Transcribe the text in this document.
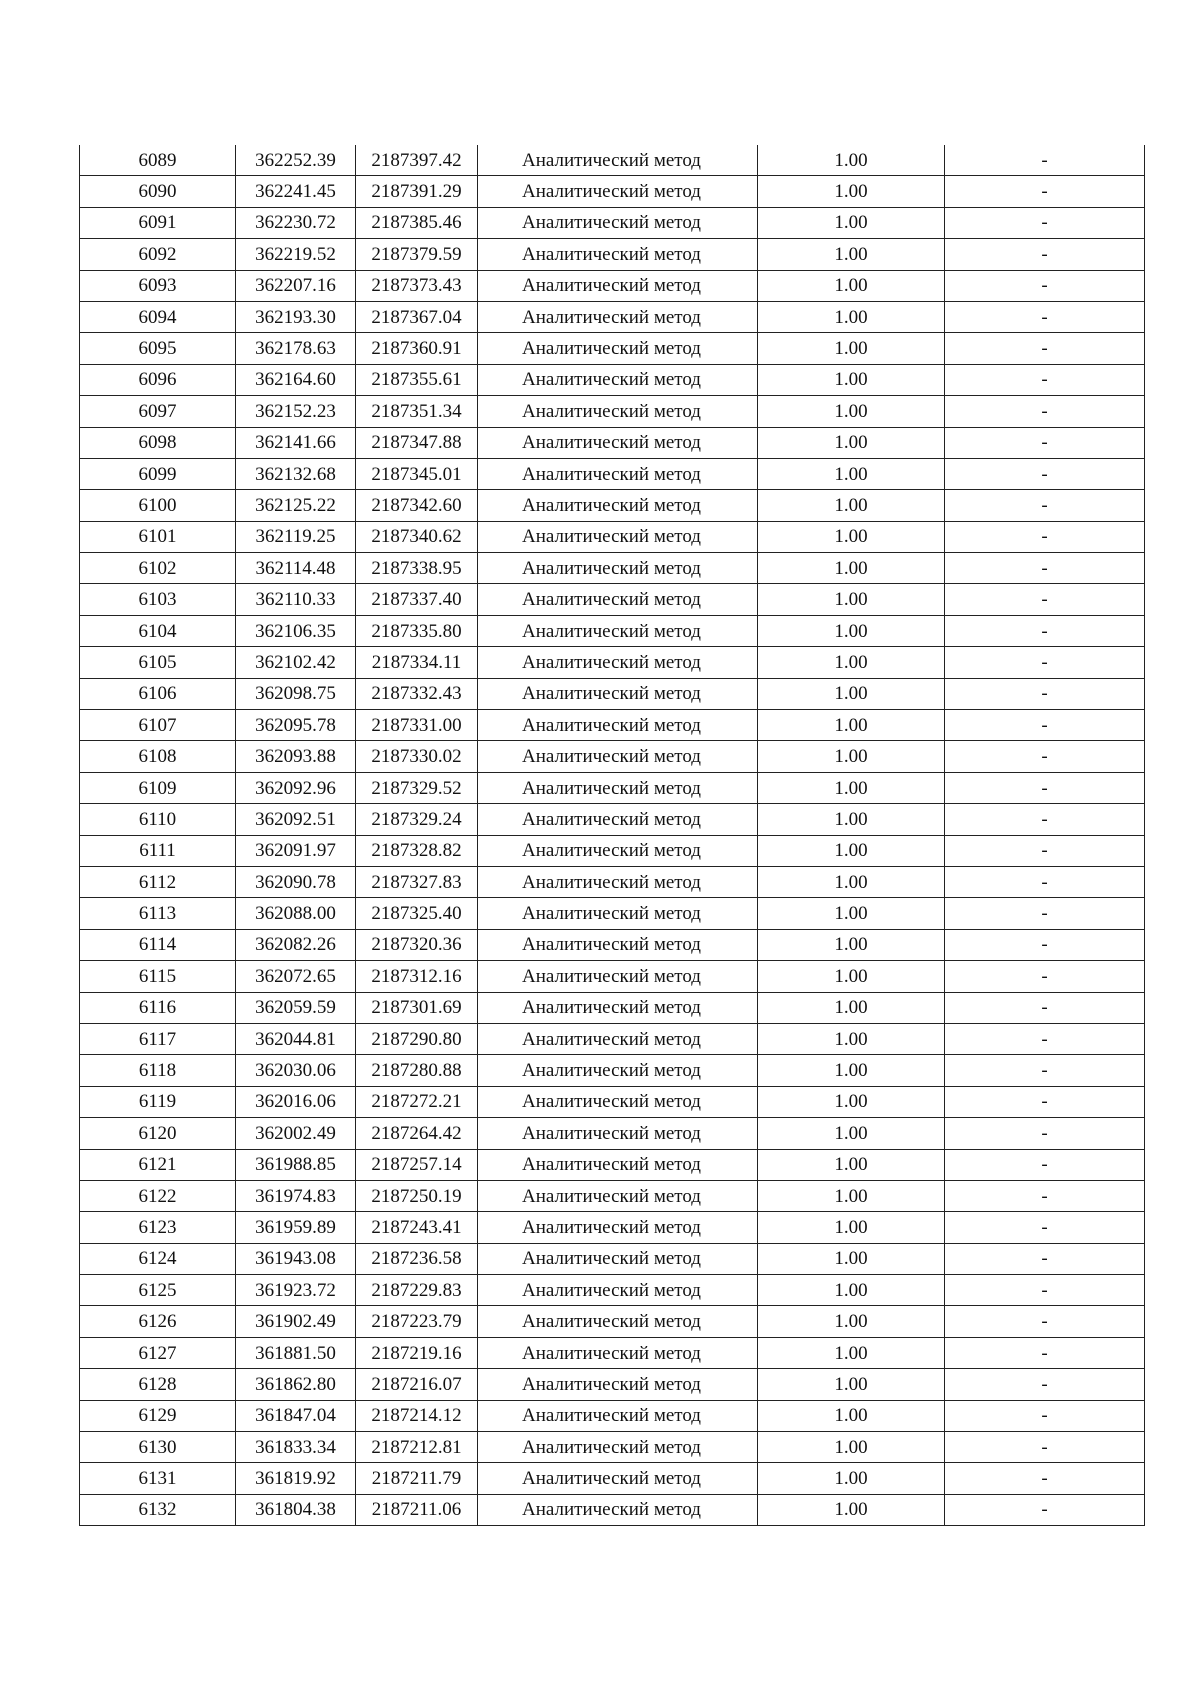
6089	362252.39	2187397.42	Аналитический метод	1.00	-
6090	362241.45	2187391.29	Аналитический метод	1.00	-
6091	362230.72	2187385.46	Аналитический метод	1.00	-
6092	362219.52	2187379.59	Аналитический метод	1.00	-
6093	362207.16	2187373.43	Аналитический метод	1.00	-
6094	362193.30	2187367.04	Аналитический метод	1.00	-
6095	362178.63	2187360.91	Аналитический метод	1.00	-
6096	362164.60	2187355.61	Аналитический метод	1.00	-
6097	362152.23	2187351.34	Аналитический метод	1.00	-
6098	362141.66	2187347.88	Аналитический метод	1.00	-
6099	362132.68	2187345.01	Аналитический метод	1.00	-
6100	362125.22	2187342.60	Аналитический метод	1.00	-
6101	362119.25	2187340.62	Аналитический метод	1.00	-
6102	362114.48	2187338.95	Аналитический метод	1.00	-
6103	362110.33	2187337.40	Аналитический метод	1.00	-
6104	362106.35	2187335.80	Аналитический метод	1.00	-
6105	362102.42	2187334.11	Аналитический метод	1.00	-
6106	362098.75	2187332.43	Аналитический метод	1.00	-
6107	362095.78	2187331.00	Аналитический метод	1.00	-
6108	362093.88	2187330.02	Аналитический метод	1.00	-
6109	362092.96	2187329.52	Аналитический метод	1.00	-
6110	362092.51	2187329.24	Аналитический метод	1.00	-
6111	362091.97	2187328.82	Аналитический метод	1.00	-
6112	362090.78	2187327.83	Аналитический метод	1.00	-
6113	362088.00	2187325.40	Аналитический метод	1.00	-
6114	362082.26	2187320.36	Аналитический метод	1.00	-
6115	362072.65	2187312.16	Аналитический метод	1.00	-
6116	362059.59	2187301.69	Аналитический метод	1.00	-
6117	362044.81	2187290.80	Аналитический метод	1.00	-
6118	362030.06	2187280.88	Аналитический метод	1.00	-
6119	362016.06	2187272.21	Аналитический метод	1.00	-
6120	362002.49	2187264.42	Аналитический метод	1.00	-
6121	361988.85	2187257.14	Аналитический метод	1.00	-
6122	361974.83	2187250.19	Аналитический метод	1.00	-
6123	361959.89	2187243.41	Аналитический метод	1.00	-
6124	361943.08	2187236.58	Аналитический метод	1.00	-
6125	361923.72	2187229.83	Аналитический метод	1.00	-
6126	361902.49	2187223.79	Аналитический метод	1.00	-
6127	361881.50	2187219.16	Аналитический метод	1.00	-
6128	361862.80	2187216.07	Аналитический метод	1.00	-
6129	361847.04	2187214.12	Аналитический метод	1.00	-
6130	361833.34	2187212.81	Аналитический метод	1.00	-
6131	361819.92	2187211.79	Аналитический метод	1.00	-
6132	361804.38	2187211.06	Аналитический метод	1.00	-
